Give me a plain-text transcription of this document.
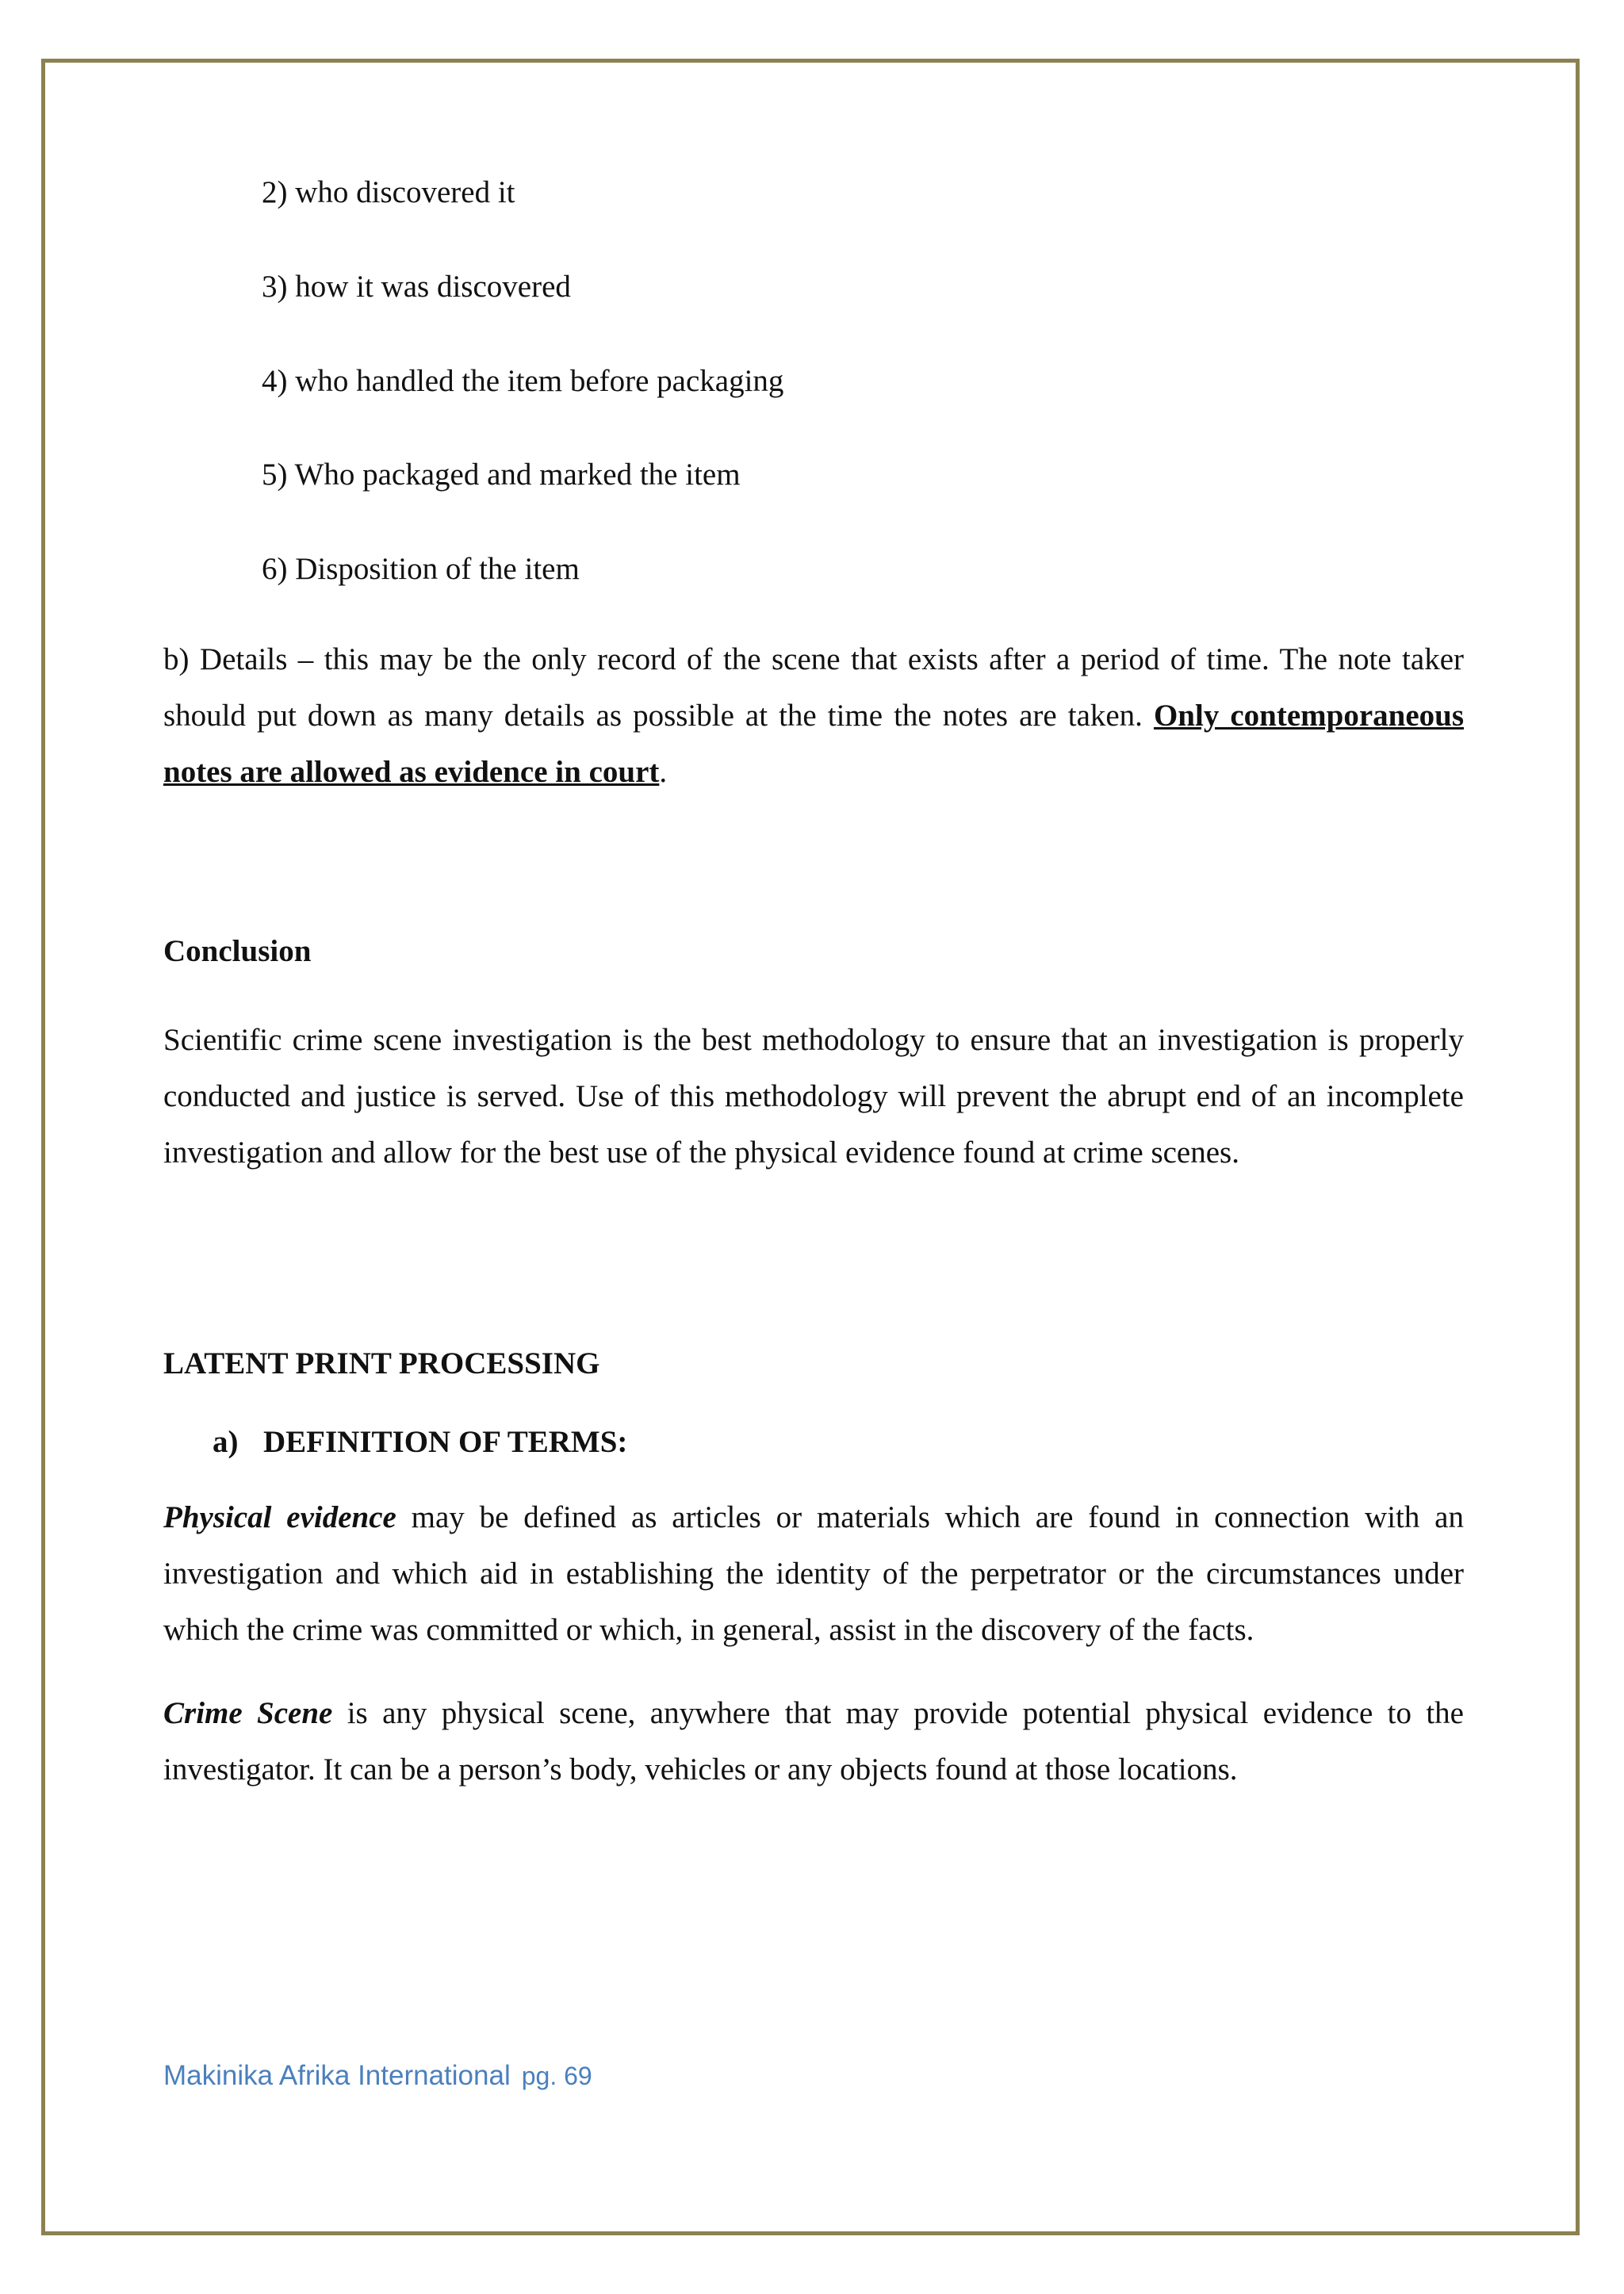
2) who discovered it
3) how it was discovered
4) who handled the item before packaging
5) Who packaged and marked the item
6) Disposition of the item

b) Details – this may be the only record of the scene that exists after a period of time. The note taker should put down as many details as possible at the time the notes are taken. Only contemporaneous notes are allowed as evidence in court.

Conclusion

Scientific crime scene investigation is the best methodology to ensure that an investigation is properly conducted and justice is served. Use of this methodology will prevent the abrupt end of an incomplete investigation and allow for the best use of the physical evidence found at crime scenes.

LATENT PRINT PROCESSING
a) DEFINITION OF TERMS:

Physical evidence may be defined as articles or materials which are found in connection with an investigation and which aid in establishing the identity of the perpetrator or the circumstances under which the crime was committed or which, in general, assist in the discovery of the facts.

Crime Scene is any physical scene, anywhere that may provide potential physical evidence to the investigator. It can be a person’s body, vehicles or any objects found at those locations.

Makinika Afrika International pg. 69
